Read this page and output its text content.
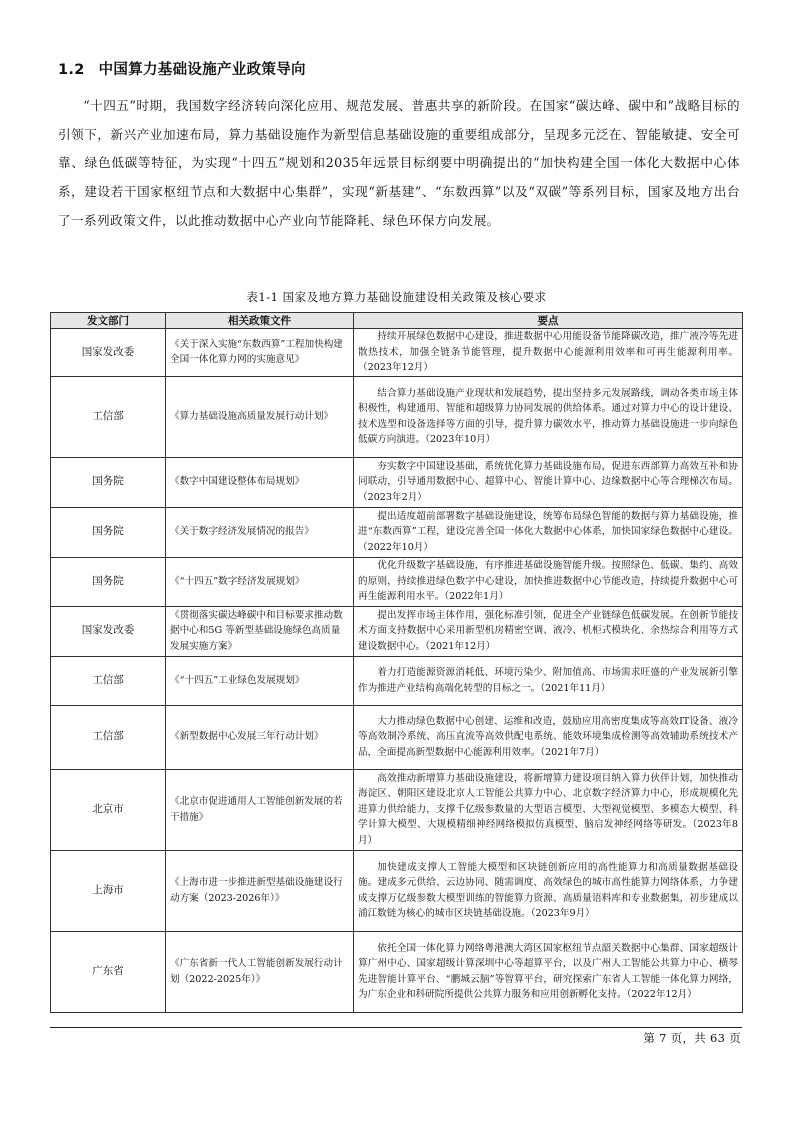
1.2 中国算力基础设施产业政策导向
“十四五”时期，我国数字经济转向深化应用、规范发展、普惠共享的新阶段。在国家“碳达峰、碳中和”战略目标的引领下，新兴产业加速布局，算力基础设施作为新型信息基础设施的重要组成部分，呈现多元泛在、智能敏捷、安全可靠、绿色低碳等特征，为实现“十四五”规划和2035年远景目标纲要中明确提出的“加快构建全国一体化大数据中心体系，建设若干国家枢纽节点和大数据中心集群”，实现“新基建”、“东数西算”以及“双碳”等系列目标，国家及地方出台了一系列政策文件，以此推动数据中心产业向节能降耗、绿色环保方向发展。
表1-1 国家及地方算力基础设施建设相关政策及核心要求
发文部门	相关政策文件	要点
国家发改委	《关于深入实施“东数西算”工程加快构建全国一体化算力网的实施意见》	持续开展绿色数据中心建设，推进数据中心用能设备节能降碳改造，推广液冷等先进散热技术，加强全链条节能管理，提升数据中心能源利用效率和可再生能源利用率。（2023年12月）
工信部	《算力基础设施高质量发展行动计划》	结合算力基础设施产业现状和发展趋势，提出坚持多元发展路线，调动各类市场主体积极性，构建通用、智能和超级算力协同发展的供给体系。通过对算力中心的设计建设、技术选型和设备选择等方面的引导，提升算力碳效水平，推动算力基础设施进一步向绿色低碳方向演进。（2023年10月）
国务院	《数字中国建设整体布局规划》	夯实数字中国建设基础，系统优化算力基础设施布局，促进东西部算力高效互补和协同联动，引导通用数据中心、超算中心、智能计算中心、边缘数据中心等合理梯次布局。（2023年2月）
国务院	《关于数字经济发展情况的报告》	提出适度超前部署数字基础设施建设，统筹布局绿色智能的数据与算力基础设施，推进“东数西算”工程，建设完善全国一体化大数据中心体系，加快国家绿色数据中心建设。（2022年10月）
国务院	《“十四五”数字经济发展规划》	优化升级数字基础设施，有序推进基础设施智能升级。按照绿色、低碳、集约、高效的原则，持续推进绿色数字中心建设，加快推进数据中心节能改造，持续提升数据中心可再生能源利用水平。（2022年1月）
国家发改委	《贯彻落实碳达峰碳中和目标要求推动数据中心和5G 等新型基础设施绿色高质量发展实施方案》	提出发挥市场主体作用，强化标准引领，促进全产业链绿色低碳发展。在创新节能技术方面支持数据中心采用新型机房精密空调、液冷、机柜式模块化、余热综合利用等方式建设数据中心。（2021年12月）
工信部	《“十四五”工业绿色发展规划》	着力打造能源资源消耗低、环境污染少、附加值高、市场需求旺盛的产业发展新引擎作为推进产业结构高端化转型的目标之一。（2021年11月）
工信部	《新型数据中心发展三年行动计划》	大力推动绿色数据中心创建、运维和改造，鼓励应用高密度集成等高效IT设备、液冷等高效制冷系统、高压直流等高效供配电系统、能效环境集成检测等高效辅助系统技术产品，全面提高新型数据中心能源利用效率。（2021年7月）
北京市	《北京市促进通用人工智能创新发展的若干措施》	高效推动新增算力基础设施建设，将新增算力建设项目纳入算力伙伴计划，加快推动海淀区、朝阳区建设北京人工智能公共算力中心、北京数字经济算力中心，形成规模化先进算力供给能力，支撑千亿级参数量的大型语言模型、大型视觉模型、多模态大模型、科学计算大模型、大规模精细神经网络模拟仿真模型、脑启发神经网络等研发。（2023年8月）
上海市	《上海市进一步推进新型基础设施建设行动方案（2023-2026年）》	加快建成支撑人工智能大模型和区块链创新应用的高性能算力和高质量数据基础设施。建成多元供给、云边协同、随需调度、高效绿色的城市高性能算力网络体系，力争建成支撑万亿级参数大模型训练的智能算力资源、高质量语料库和专业数据集，初步建成以浦江数链为核心的城市区块链基础设施。（2023年9月）
广东省	《广东省新一代人工智能创新发展行动计划（2022-2025年）》	依托全国一体化算力网络粤港澳大湾区国家枢纽节点韶关数据中心集群、国家超级计算广州中心、国家超级计算深圳中心等超算平台，以及广州人工智能公共算力中心、横琴先进智能计算平台、“鹏城云脑”等智算平台，研究探索广东省人工智能一体化算力网络，为广东企业和科研院所提供公共算力服务和应用创新孵化支持。（2022年12月）
第 7 页，共 63 页
